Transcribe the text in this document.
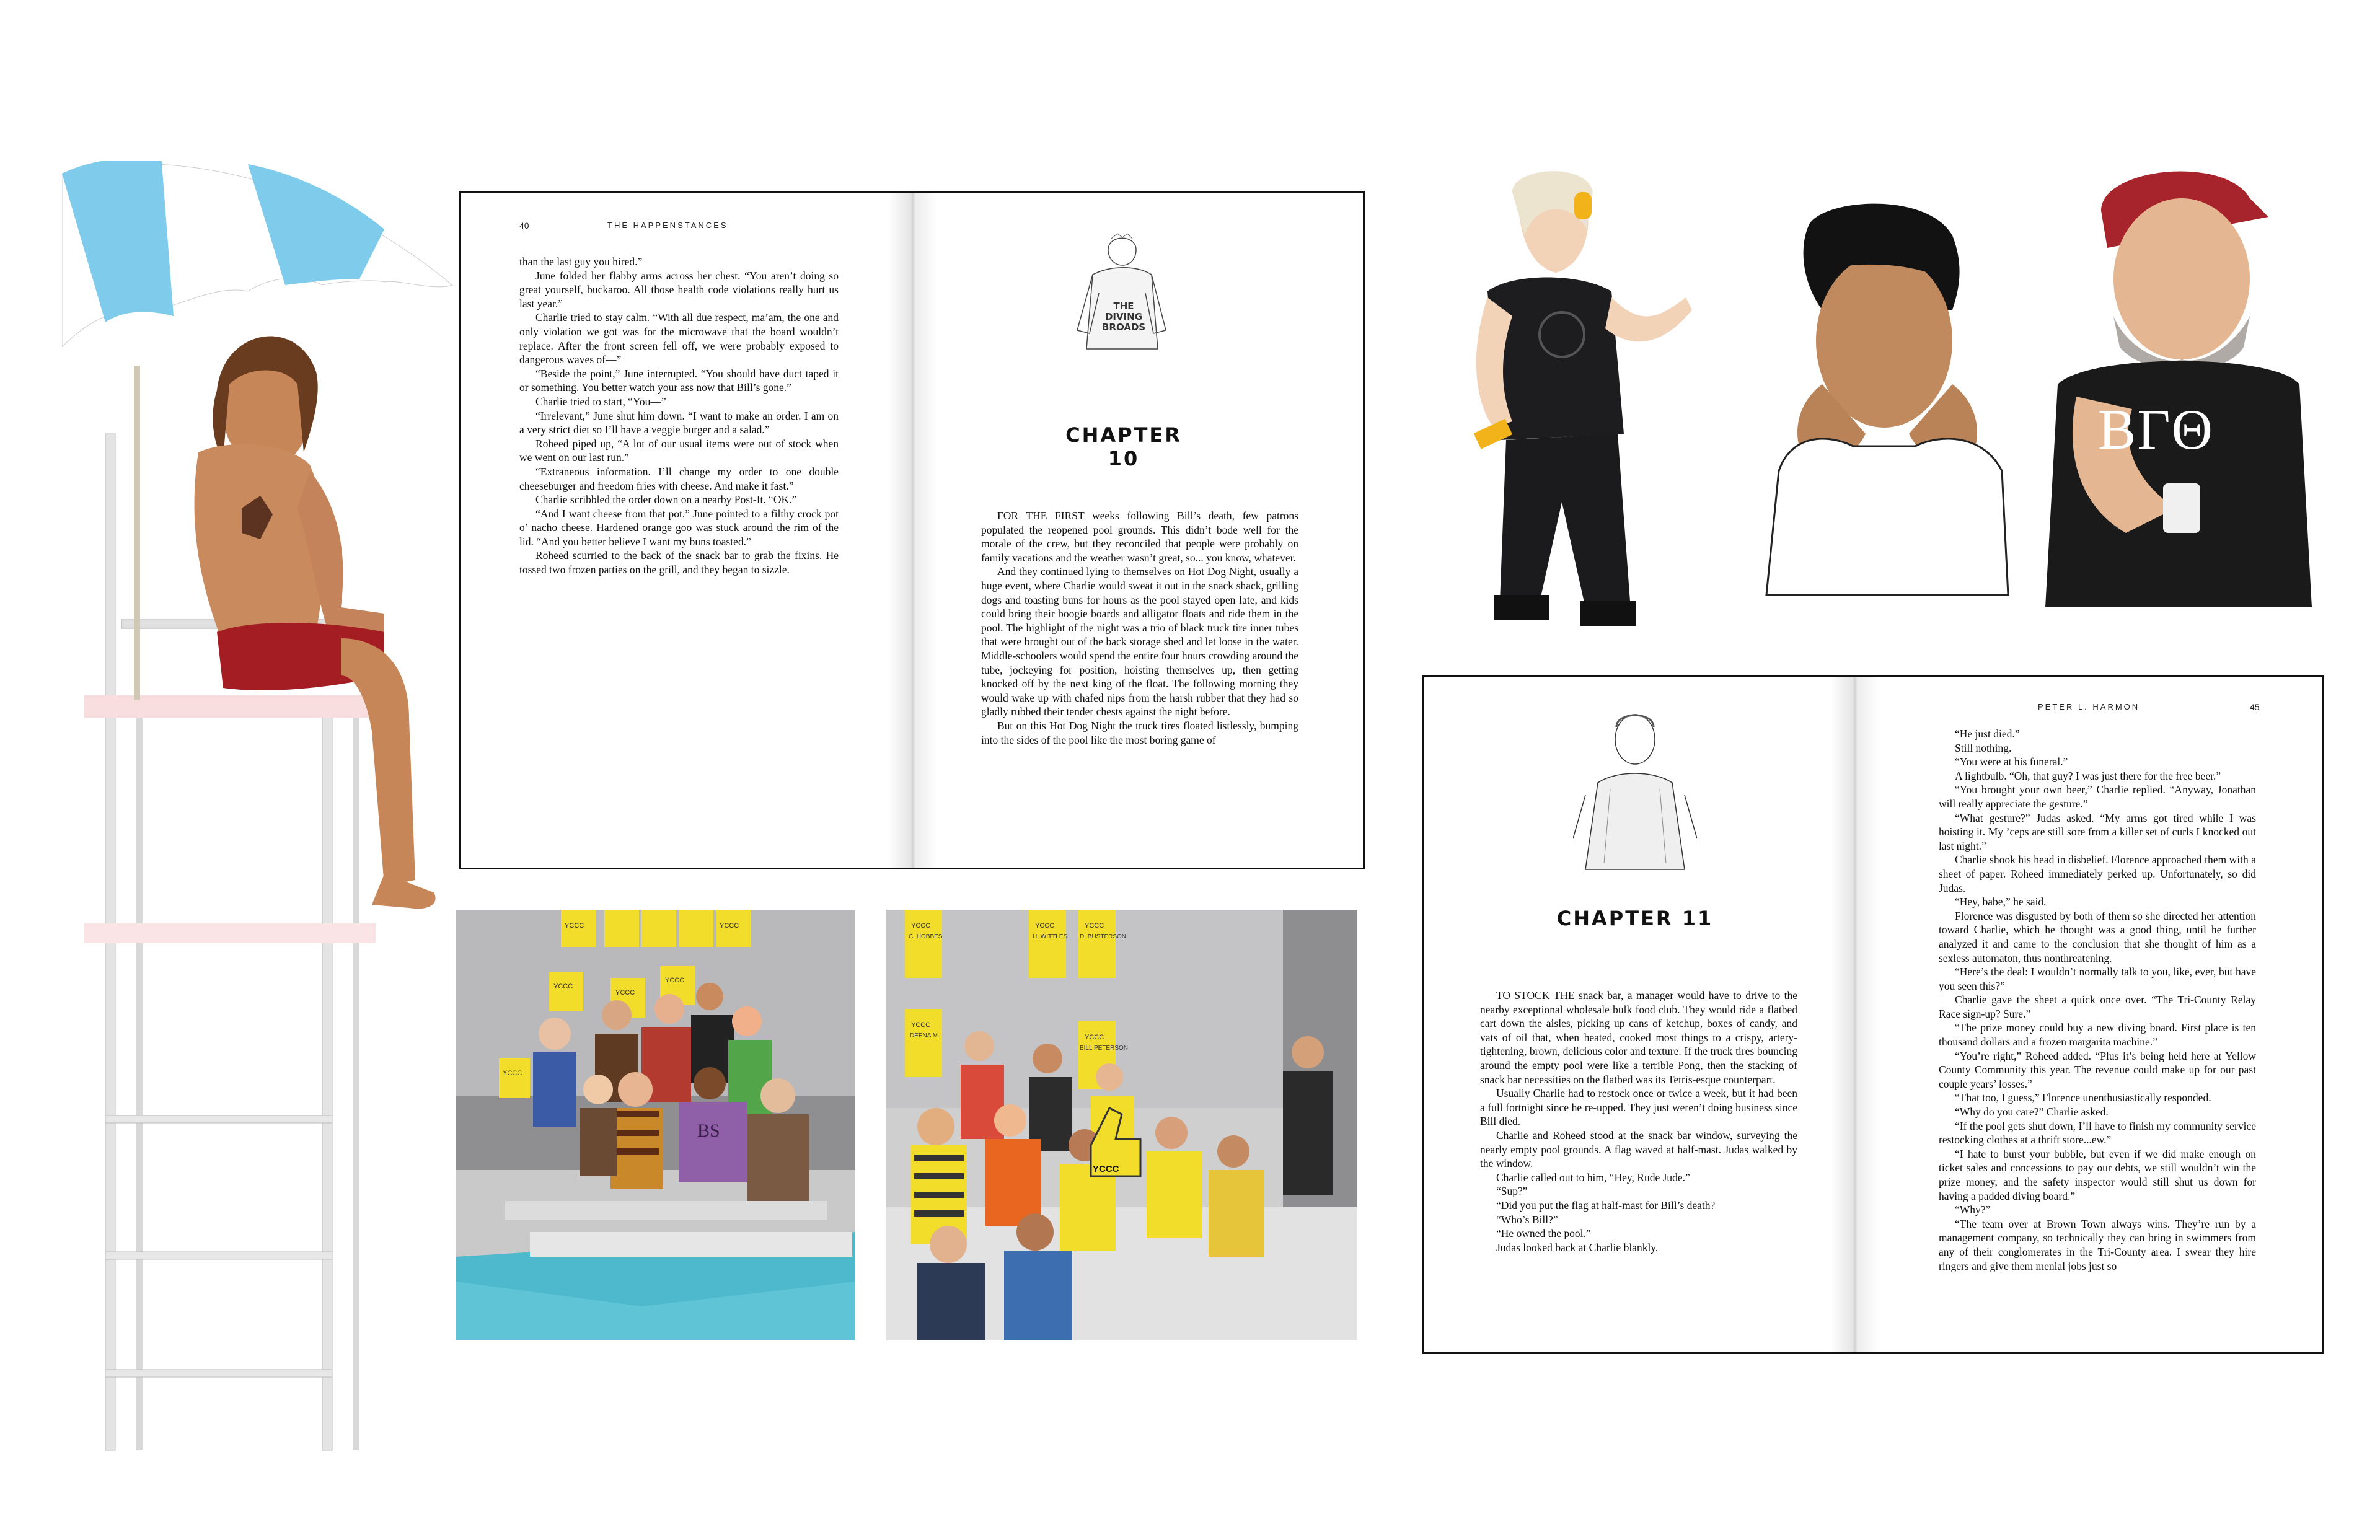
40	THE HAPPENSTANCES

than the last guy you hired.”

June folded her flabby arms across her chest. “You aren’t doing so great yourself, buckaroo. All those health code violations really hurt us last year.”

Charlie tried to stay calm. “With all due respect, ma’am, the one and only violation we got was for the microwave that the board wouldn’t replace. After the front screen fell off, we were probably exposed to dangerous waves of—”

“Beside the point,” June interrupted. “You should have duct taped it or something. You better watch your ass now that Bill’s gone.”

Charlie tried to start, “You—”

“Irrelevant,” June shut him down. “I want to make an order. I am on a very strict diet so I’ll have a veggie burger and a salad.”

Roheed piped up, “A lot of our usual items were out of stock when we went on our last run.”

“Extraneous information. I’ll change my order to one double cheeseburger and freedom fries with cheese. And make it fast.”

Charlie scribbled the order down on a nearby Post-It. “OK.”

“And I want cheese from that pot.” June pointed to a filthy crock pot o’ nacho cheese. Hardened orange goo was stuck around the rim of the lid. “And you better believe I want my buns toasted.”

Roheed scurried to the back of the snack bar to grab the fixins. He tossed two frozen patties on the grill, and they began to sizzle.

THE DIVING BROADS
CHAPTER 10

FOR THE FIRST weeks following Bill’s death, few patrons populated the reopened pool grounds. This didn’t bode well for the morale of the crew, but they reconciled that people were probably on family vacations and the weather wasn’t great, so... you know, whatever.

And they continued lying to themselves on Hot Dog Night, usually a huge event, where Charlie would sweat it out in the snack shack, grilling dogs and toasting buns for hours as the pool stayed open late, and kids could bring their boogie boards and alligator floats and ride them in the pool. The highlight of the night was a trio of black truck tire inner tubes that were brought out of the back storage shed and let loose in the water. Middle-schoolers would spend the entire four hours crowding around the tube, jockeying for position, hoisting themselves up, then getting knocked off by the next king of the float. The following morning they would wake up with chafed nips from the harsh rubber that they had so gladly rubbed their tender chests against the night before.

But on this Hot Dog Night the truck tires floated listlessly, bumping into the sides of the pool like the most boring game of

YCCC
YCCC
YCCC
YCCC
YCCC	YCCC
BS
YCCC
C. HOBBES
YCCC
H. WITTLES
YCCC
D. BUSTERSON
YCCC
DEENA M.	YCCC
BILL PETERSON
YCCC
ΒΓΘ
CHAPTER 11

TO STOCK THE snack bar, a manager would have to drive to the nearby exceptional wholesale bulk food club. They would ride a flatbed cart down the aisles, picking up cans of ketchup, boxes of candy, and vats of oil that, when heated, cooked most things to a crispy, artery-tightening, brown, delicious color and texture. If the truck tires bouncing around the empty pool were like a terrible Pong, then the stacking of snack bar necessities on the flatbed was its Tetris-esque counterpart.

Usually Charlie had to restock once or twice a week, but it had been a full fortnight since he re-upped. They just weren’t doing business since Bill died.

Charlie and Roheed stood at the snack bar window, surveying the nearly empty pool grounds. A flag waved at half-mast. Judas walked by the window.

Charlie called out to him, “Hey, Rude Jude.”

“Sup?”

“Did you put the flag at half-mast for Bill’s death?

“Who’s Bill?”

“He owned the pool.”

Judas looked back at Charlie blankly.

PETER L. HARMON	45

“He just died.”

Still nothing.

“You were at his funeral.”

A lightbulb. “Oh, that guy? I was just there for the free beer.”

“You brought your own beer,” Charlie replied. “Anyway, Jonathan will really appreciate the gesture.”

“What gesture?” Judas asked. “My arms got tired while I was hoisting it. My ’ceps are still sore from a killer set of curls I knocked out last night.”

Charlie shook his head in disbelief. Florence approached them with a sheet of paper. Roheed immediately perked up. Unfortunately, so did Judas.

“Hey, babe,” he said.

Florence was disgusted by both of them so she directed her attention toward Charlie, which he thought was a good thing, until he further analyzed it and came to the conclusion that she thought of him as a sexless automaton, thus nonthreatening.

“Here’s the deal: I wouldn’t normally talk to you, like, ever, but have you seen this?”

Charlie gave the sheet a quick once over. “The Tri-County Relay Race sign-up? Sure.”

“The prize money could buy a new diving board. First place is ten thousand dollars and a frozen margarita machine.”

“You’re right,” Roheed added. “Plus it’s being held here at Yellow County Community this year. The revenue could make up for our past couple years’ losses.”

“That too, I guess,” Florence unenthusiastically responded.

“Why do you care?” Charlie asked.

“If the pool gets shut down, I’ll have to finish my community service restocking clothes at a thrift store...ew.”

“I hate to burst your bubble, but even if we did make enough on ticket sales and concessions to pay our debts, we still wouldn’t win the prize money, and the safety inspector would still shut us down for having a padded diving board.”

“Why?”

“The team over at Brown Town always wins. They’re run by a management company, so technically they can bring in swimmers from any of their conglomerates in the Tri-County area. I swear they hire ringers and give them menial jobs just so
